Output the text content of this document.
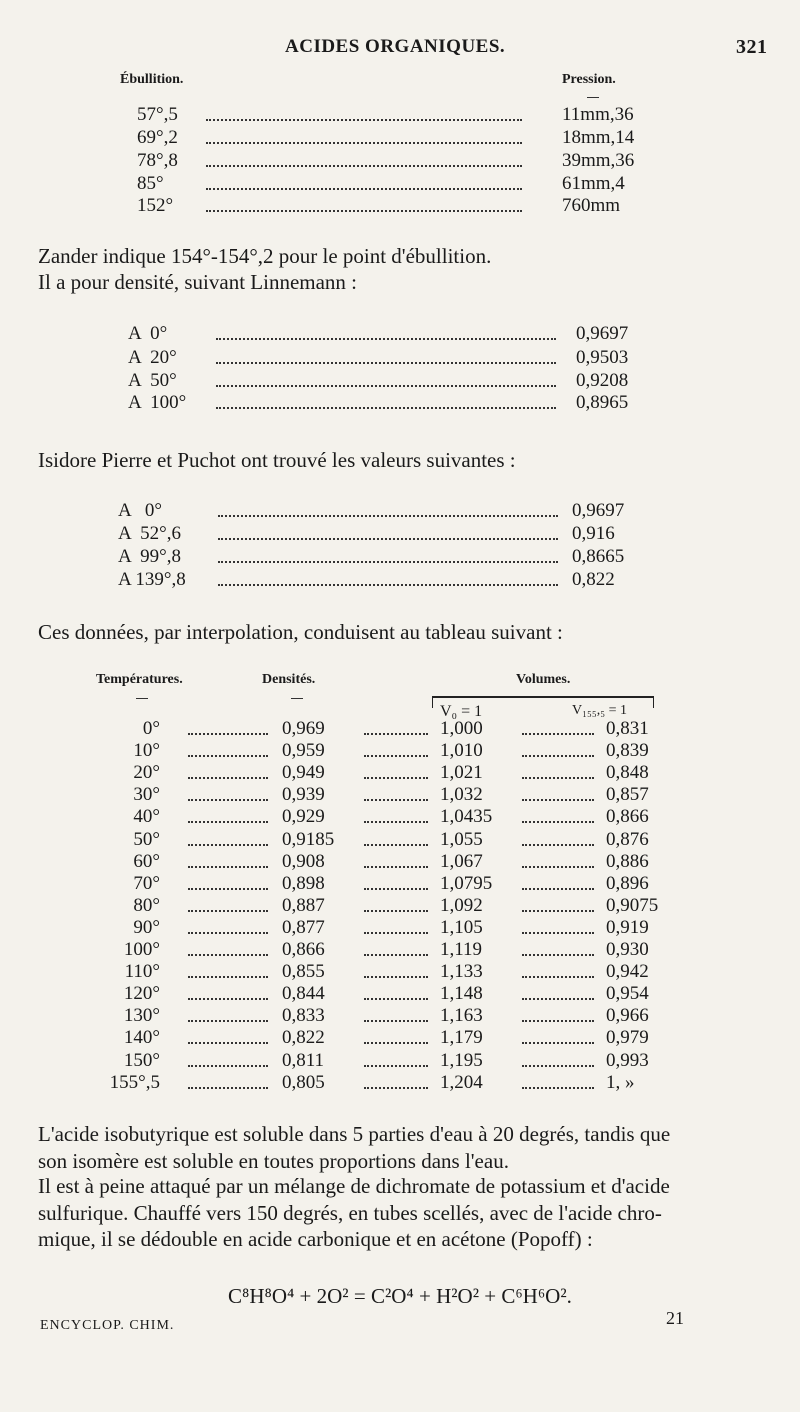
ACIDES ORGANIQUES.	321
Ébullition.	Pression.
57°,5	11mm,36
69°,2	18mm,14
78°,8	39mm,36
85°	61mm,4
152°	760mm
Zander indique 154°-154°,2 pour le point d'ébullition.
Il a pour densité, suivant Linnemann :
A  0°	0,9697
A  20°	0,9503
A  50°	0,9208
A  100°	0,8965
Isidore Pierre et Puchot ont trouvé les valeurs suivantes :
A   0°	0,9697
A  52°,6	0,916
A  99°,8	0,8665
A 139°,8	0,822
Ces données, par interpolation, conduisent au tableau suivant :
Températures.	Densités.	Volumes.
V₀ = 1	V₁₅₅,₅ = 1
0°	0,969	1,000	0,831
10°	0,959	1,010	0,839
20°	0,949	1,021	0,848
30°	0,939	1,032	0,857
40°	0,929	1,0435	0,866
50°	0,9185	1,055	0,876
60°	0,908	1,067	0,886
70°	0,898	1,0795	0,896
80°	0,887	1,092	0,9075
90°	0,877	1,105	0,919
100°	0,866	1,119	0,930
110°	0,855	1,133	0,942
120°	0,844	1,148	0,954
130°	0,833	1,163	0,966
140°	0,822	1,179	0,979
150°	0,811	1,195	0,993
155°,5	0,805	1,204	1, »
L'acide isobutyrique est soluble dans 5 parties d'eau à 20 degrés, tandis que
son isomère est soluble en toutes proportions dans l'eau.
Il est à peine attaqué par un mélange de dichromate de potassium et d'acide
sulfurique. Chauffé vers 150 degrés, en tubes scellés, avec de l'acide chro-
mique, il se dédouble en acide carbonique et en acétone (Popoff) :
C⁸H⁸O⁴ + 2O² = C²O⁴ + H²O² + C⁶H⁶O².
ENCYCLOP. CHIM.	21
